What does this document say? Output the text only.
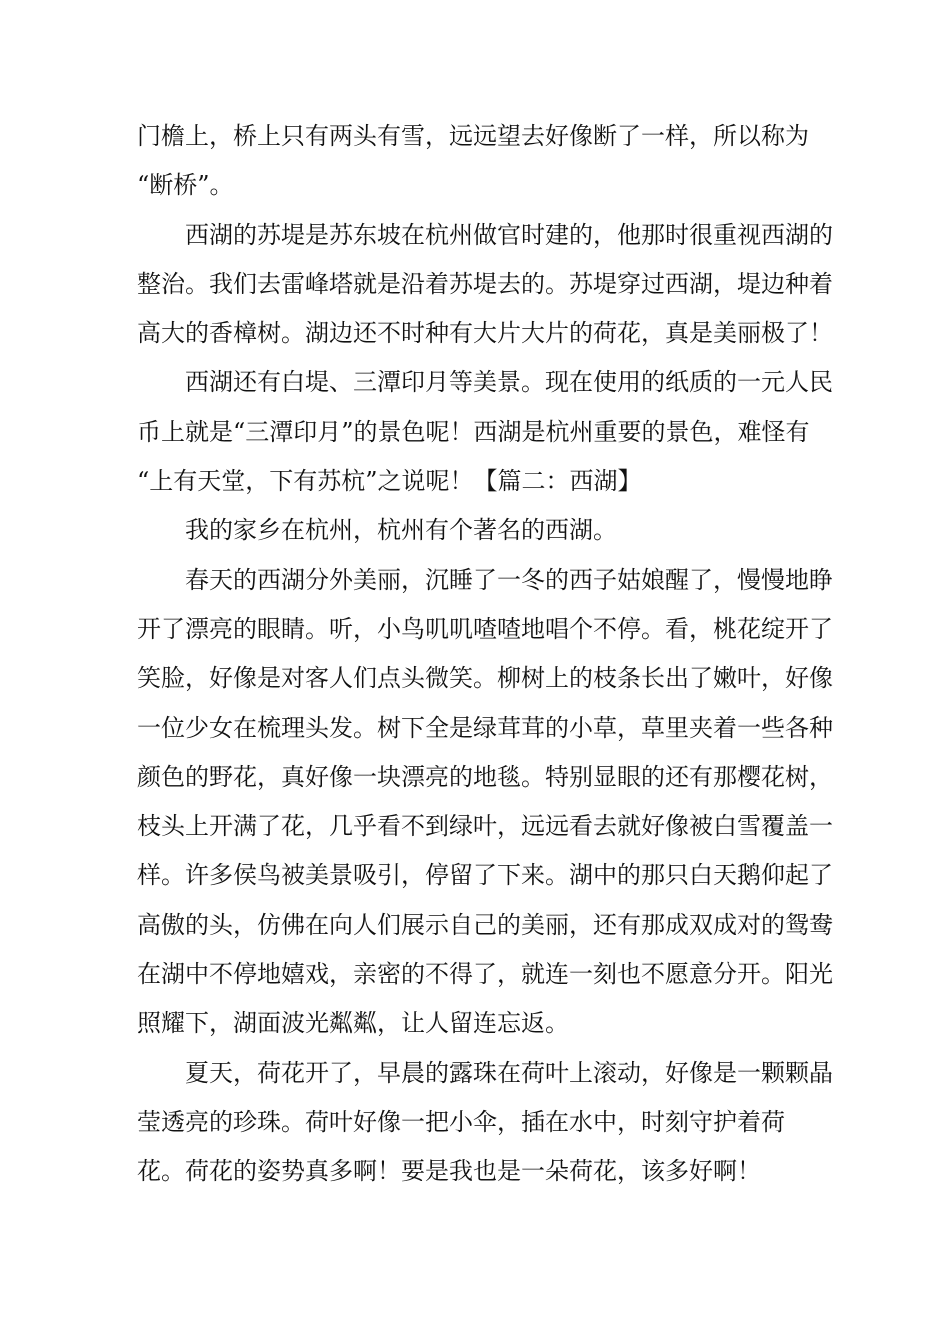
门檐上，桥上只有两头有雪，远远望去好像断了一样，所以称为
“断桥”。

西湖的苏堤是苏东坡在杭州做官时建的，他那时很重视西湖的
整治。我们去雷峰塔就是沿着苏堤去的。苏堤穿过西湖，堤边种着
高大的香樟树。湖边还不时种有大片大片的荷花，真是美丽极了！

西湖还有白堤、三潭印月等美景。现在使用的纸质的一元人民
币上就是“三潭印月”的景色呢！西湖是杭州重要的景色，难怪有
“上有天堂，下有苏杭”之说呢！【篇二：西湖】

我的家乡在杭州，杭州有个著名的西湖。

春天的西湖分外美丽，沉睡了一冬的西子姑娘醒了，慢慢地睁
开了漂亮的眼睛。听，小鸟叽叽喳喳地唱个不停。看，桃花绽开了
笑脸，好像是对客人们点头微笑。柳树上的枝条长出了嫩叶，好像
一位少女在梳理头发。树下全是绿茸茸的小草，草里夹着一些各种
颜色的野花，真好像一块漂亮的地毯。特别显眼的还有那樱花树，
枝头上开满了花，几乎看不到绿叶，远远看去就好像被白雪覆盖一
样。许多侯鸟被美景吸引，停留了下来。湖中的那只白天鹅仰起了
高傲的头，仿佛在向人们展示自己的美丽，还有那成双成对的鸳鸯
在湖中不停地嬉戏，亲密的不得了，就连一刻也不愿意分开。阳光
照耀下，湖面波光粼粼，让人留连忘返。

夏天，荷花开了，早晨的露珠在荷叶上滚动，好像是一颗颗晶
莹透亮的珍珠。荷叶好像一把小伞，插在水中，时刻守护着荷
花。荷花的姿势真多啊！要是我也是一朵荷花，该多好啊！
